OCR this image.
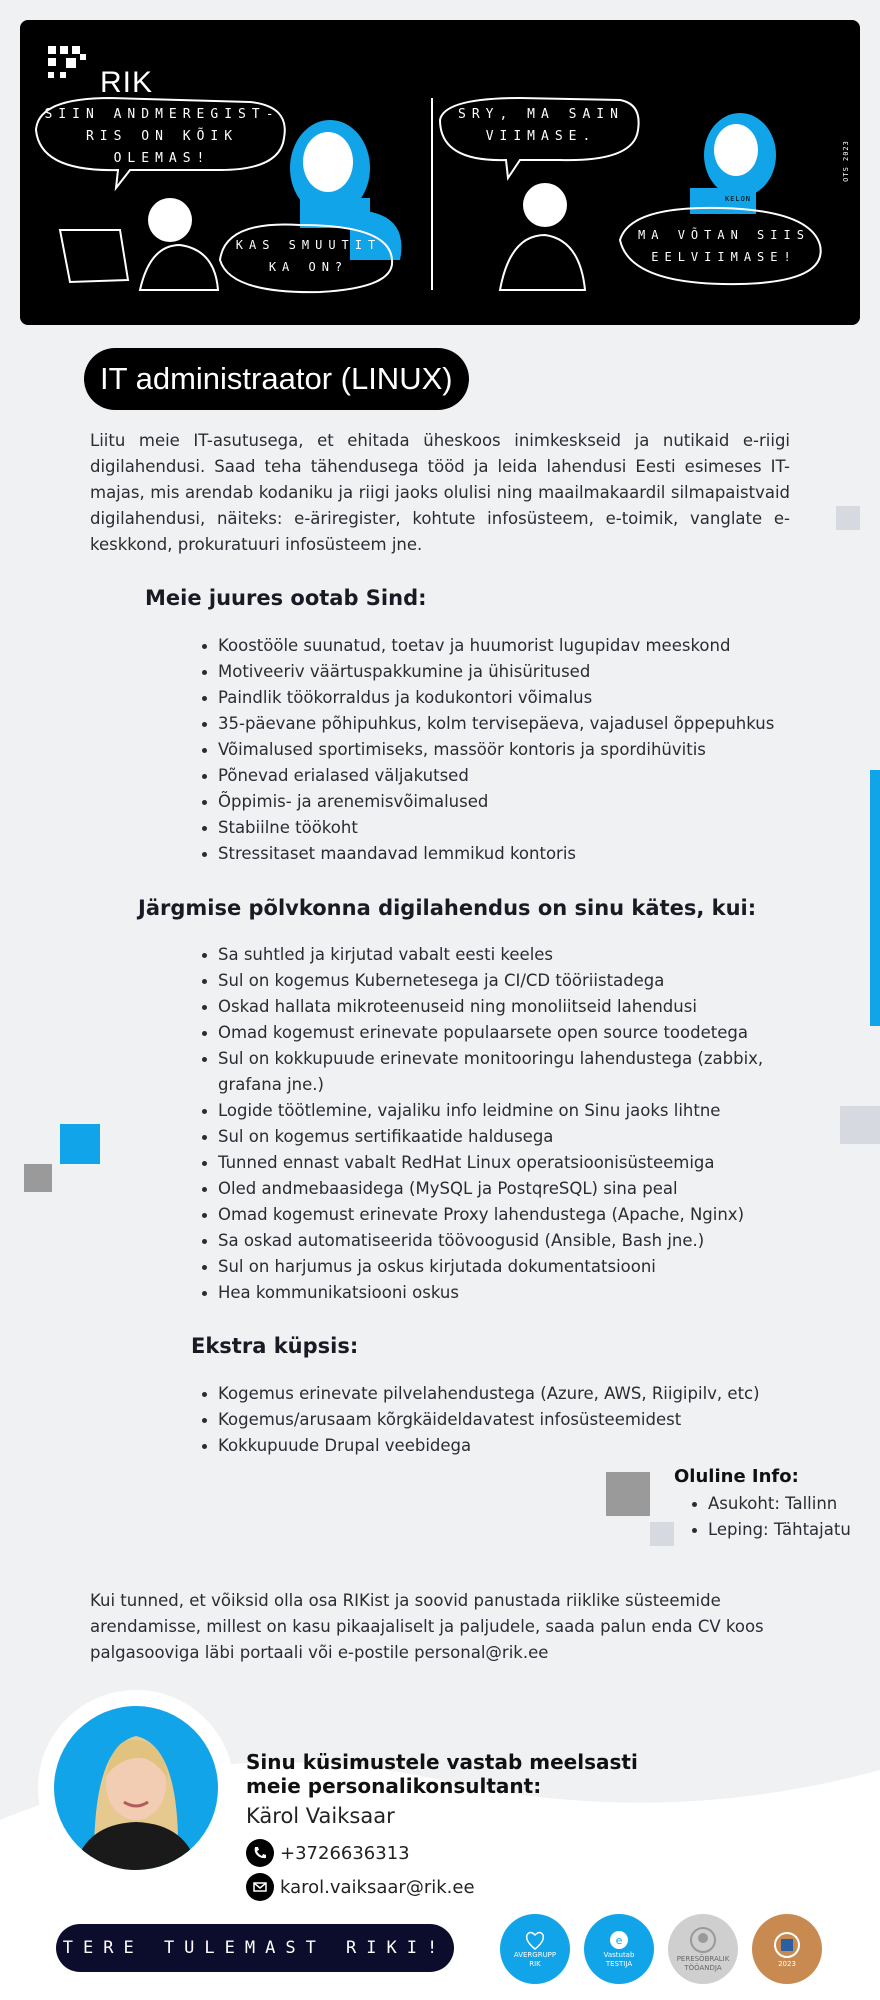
RIK
SIIN ANDMEREGIST-
RIS ON KÕIK
OLEMAS!
KAS SMUUTIT
KA ON?
SRY, MA SAIN
VIIMASE.
MA VÕTAN SIIS
EELVIIMASE!
KELON
OTS 2023
IT administraator (LINUX)

Liitu meie IT-asutusega, et ehitada üheskoos inimkeskseid ja nutikaid e-riigi digilahendusi. Saad teha tähendusega tööd ja leida lahendusi Eesti esimeses IT-majas, mis arendab kodaniku ja riigi jaoks olulisi ning maailmakaardil silmapaistvaid digilahendusi, näiteks: e-äriregister, kohtute infosüsteem, e-toimik, vanglate e-keskkond, prokuratuuri infosüsteem jne.

Meie juures ootab Sind:
Koostööle suunatud, toetav ja huumorist lugupidav meeskond
Motiveeriv väärtuspakkumine ja ühisüritused
Paindlik töökorraldus ja kodukontori võimalus
35-päevane põhipuhkus, kolm tervisepäeva, vajadusel õppepuhkus
Võimalused sportimiseks, massöör kontoris ja spordihüvitis
Põnevad erialased väljakutsed
Õppimis- ja arenemisvõimalused
Stabiilne töökoht
Stressitaset maandavad lemmikud kontoris
Järgmise põlvkonna digilahendus on sinu kätes, kui:
Sa suhtled ja kirjutad vabalt eesti keeles
Sul on kogemus Kubernetesega ja CI/CD tööriistadega
Oskad hallata mikroteenuseid ning monoliitseid lahendusi
Omad kogemust erinevate populaarsete open source toodetega
Sul on kokkupuude erinevate monitooringu lahendustega (zabbix,
grafana jne.)
Logide töötlemine, vajaliku info leidmine on Sinu jaoks lihtne
Sul on kogemus sertifikaatide haldusega
Tunned ennast vabalt RedHat Linux operatsioonisüsteemiga
Oled andmebaasidega (MySQL ja PostqreSQL) sina peal
Omad kogemust erinevate Proxy lahendustega (Apache, Nginx)
Sa oskad automatiseerida töövoogusid (Ansible, Bash jne.)
Sul on harjumus ja oskus kirjutada dokumentatsiooni
Hea kommunikatsiooni oskus
Ekstra küpsis:
Kogemus erinevate pilvelahendustega (Azure, AWS, Riigipilv, etc)
Kogemus/arusaam kõrgkäideldavatest infosüsteemidest
Kokkupuude Drupal veebidega
Oluline Info:
Asukoht: Tallinn
Leping: Tähtajatu

Kui tunned, et võiksid olla osa RIKist ja soovid panustada riiklike süsteemide arendamisse, millest on kasu pikaajaliselt ja paljudele, saada palun enda CV koos palgasooviga läbi portaali või e-postile personal@rik.ee

Sinu küsimustele vastab meelsasti meie personalikonsultant:
Kärol Vaiksaar
+3726636313
karol.vaiksaar@rik.ee
TERE TULEMAST RIKI!	AVERGRUPP
RIK
e
Vastutab
TESTIJA
PERESÕBRALIK
TÖÖANDJA
2023
